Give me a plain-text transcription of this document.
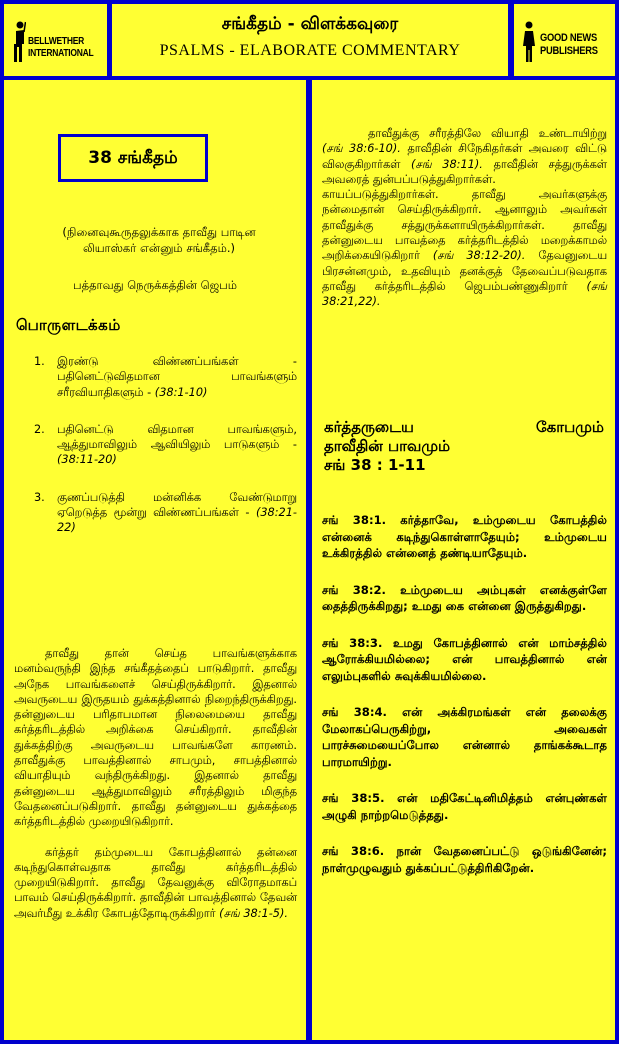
BELLWETHER
INTERNATIONAL
சங்கீதம் - விளக்கவுரை
PSALMS - ELABORATE COMMENTARY
GOOD NEWS
PUBLISHERS
38 சங்கீதம்
(நினைவுகூருதலுக்காக தாவீது பாடின லியாஸ்கர் என்னும் சங்கீதம்.)
பத்தாவது நெருக்கத்தின் ஜெபம்
பொருளடக்கம்
1. இரண்டு விண்ணப்பங்கள் - பதினெட்டுவிதமான பாவங்களும் சரீரவியாதிகளும் - (38:1-10)
2. பதினெட்டு விதமான பாவங்களும், ஆத்துமாவிலும் ஆவியிலும் பாடுகளும் - (38:11-20)
3. குணப்படுத்தி மன்னிக்க வேண்டுமாறு ஏறெடுத்த மூன்று விண்ணப்பங்கள் - (38:21-22)

தாவீது தான் செய்த பாவங்களுக்காக மனம்வருந்தி இந்த சங்கீதத்தைப் பாடுகிறார். தாவீது அநேக பாவங்களைச் செய்திருக்கிறார். இதனால் அவருடைய இருதயம் துக்கத்தினால் நிறைந்திருக்கிறது. தன்னுடைய பரிதாபமான நிலைமையை தாவீது கர்த்தரிடத்தில் அறிக்கை செய்கிறார். தாவீதின் துக்கத்திற்கு அவருடைய பாவங்களே காரணம். தாவீதுக்கு பாவத்தினால் சாபமும், சாபத்தினால் வியாதியும் வந்திருக்கிறது. இதனால் தாவீது தன்னுடைய ஆத்துமாவிலும் சரீரத்திலும் மிகுந்த வேதனைப்படுகிறார். தாவீது தன்னுடைய துக்கத்தை கர்த்தரிடத்தில் முறையிடுகிறார்.

கர்த்தர் தம்முடைய கோபத்தினால் தன்னை கடிந்துகொள்வதாக தாவீது கர்த்தரிடத்தில் முறையிடுகிறார். தாவீது தேவனுக்கு விரோதமாகப் பாவம் செய்திருக்கிறார். தாவீதின் பாவத்தினால் தேவன் அவர்மீது உக்கிர கோபத்தோடிருக்கிறார் (சங் 38:1-5).

தாவீதுக்கு சரீரத்திலே வியாதி உண்டாயிற்று (சங் 38:6-10). தாவீதின் சிநேகிதர்கள் அவரை விட்டு விலகுகிறார்கள் (சங் 38:11). தாவீதின் சத்துருக்கள் அவரைத் துன்பப்படுத்துகிறார்கள்.

காயப்படுத்துகிறார்கள். தாவீது அவர்களுக்கு நன்மைதான் செய்திருக்கிறார். ஆனாலும் அவர்கள் தாவீதுக்கு சத்துருக்களாயிருக்கிறார்கள். தாவீது தன்னுடைய பாவத்தை கர்த்தரிடத்தில் மறைக்காமல் அறிக்கையிடுகிறார் (சங் 38:12-20). தேவனுடைய பிரசன்னமும், உதவியும் தனக்குத் தேவைப்படுவதாக தாவீது கர்த்தரிடத்தில் ஜெபம்பண்ணுகிறார் (சங் 38:21,22).

கர்த்தருடைய	கோபமும்
தாவீதின் பாவமும்
சங் 38 : 1-11
சங் 38:1. கர்த்தாவே, உம்முடைய கோபத்தில் என்னைக் கடிந்துகொள்ளாதேயும்; உம்முடைய உக்கிரத்தில் என்னைத் தண்டியாதேயும்.
சங் 38:2. உம்முடைய அம்புகள் எனக்குள்ளே தைத்திருக்கிறது; உமது கை என்னை இருத்துகிறது.
சங் 38:3. உமது கோபத்தினால் என் மாம்சத்தில் ஆரோக்கியமில்லை; என் பாவத்தினால் என் எலும்புகளில் சுவுக்கியமில்லை.
சங் 38:4. என் அக்கிரமங்கள் என் தலைக்கு மேலாகப்பெருகிற்று, அவைகள் பாரச்சுமையைப்போல என்னால் தாங்கக்கூடாத பாரமாயிற்று.
சங் 38:5. என் மதிகேட்டினிமித்தம் என்புண்கள் அழுகி நாற்றமெடுத்தது.
சங் 38:6. நான் வேதனைப்பட்டு ஒடுங்கினேன்; நாள்முழுவதும் துக்கப்பட்டுத்திரிகிறேன்.
